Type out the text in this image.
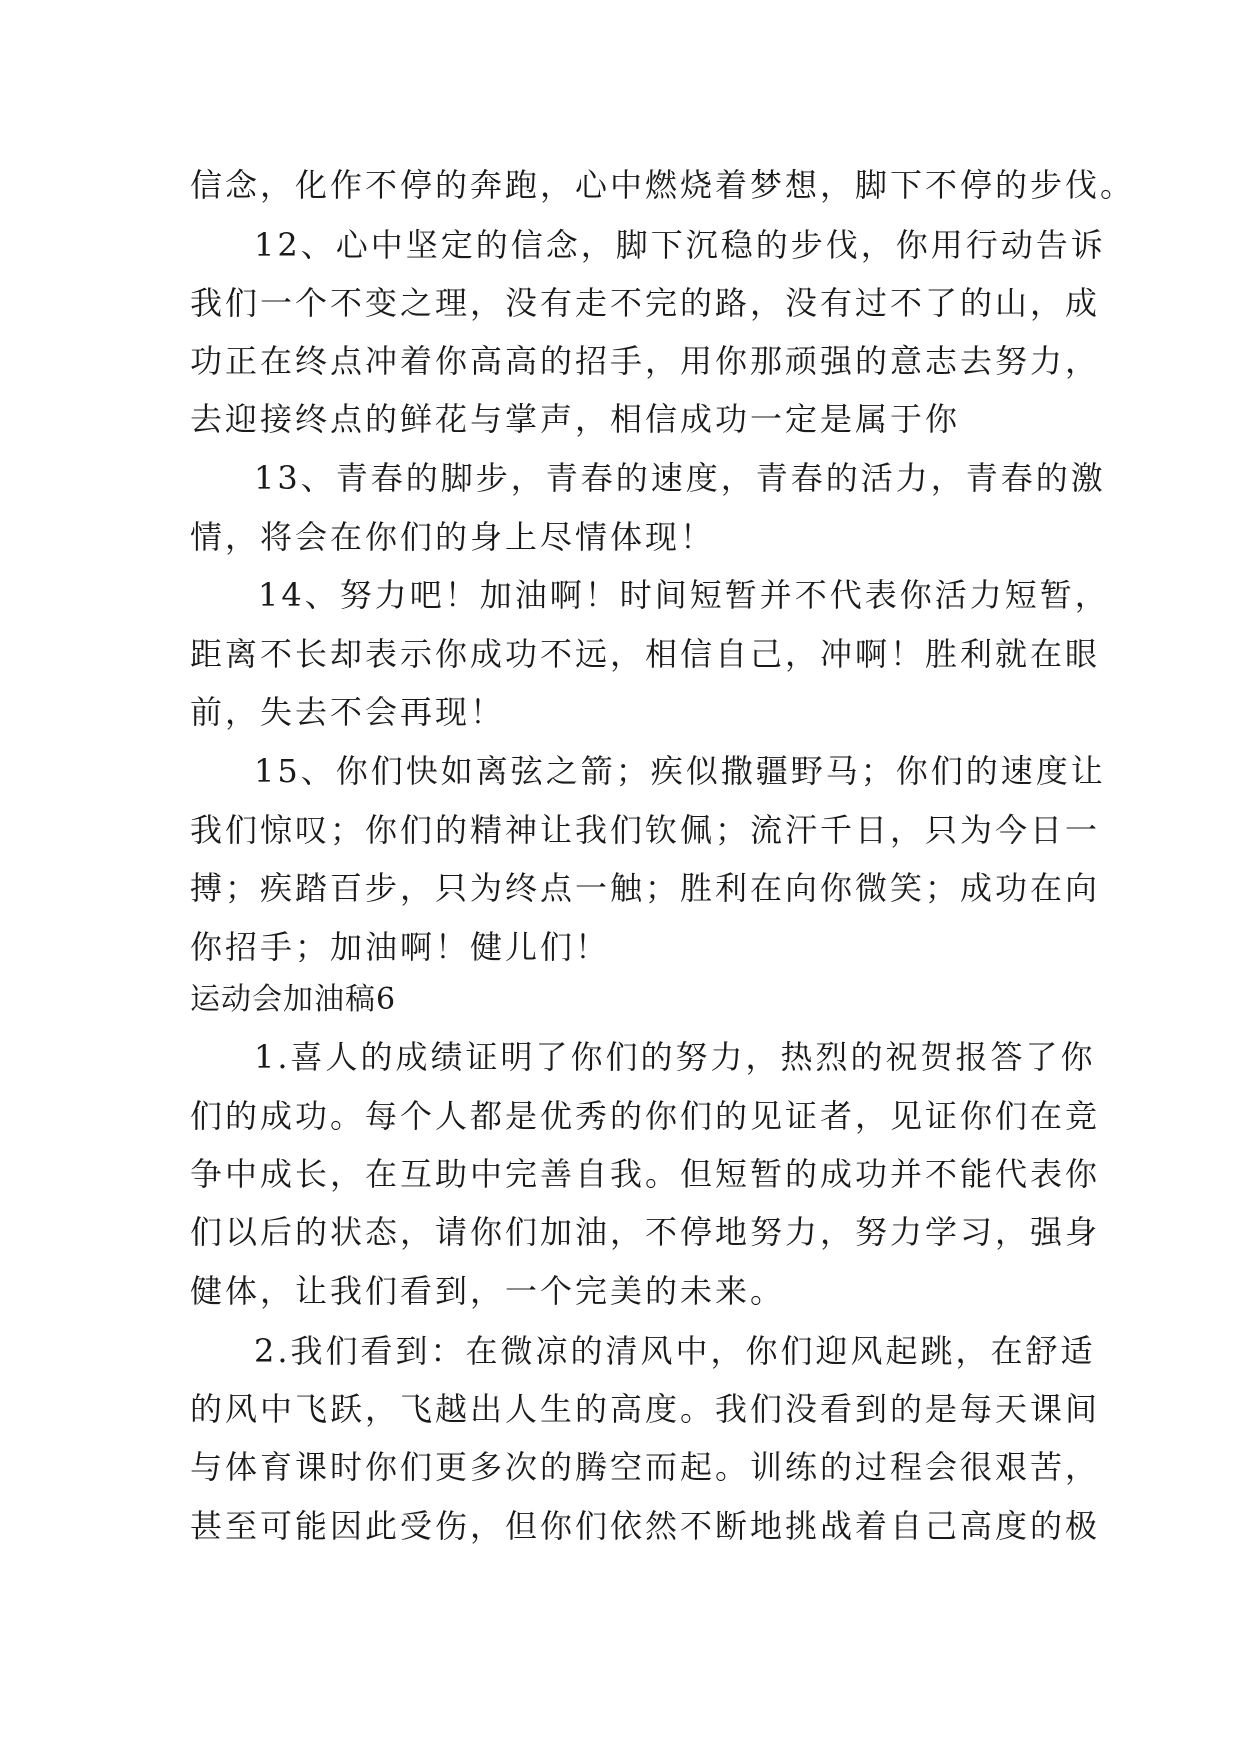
信念，化作不停的奔跑，心中燃烧着梦想，脚下不停的步伐。
12、心中坚定的信念，脚下沉稳的步伐，你用行动告诉
我们一个不变之理，没有走不完的路，没有过不了的山，成
功正在终点冲着你高高的招手，用你那顽强的意志去努力，
去迎接终点的鲜花与掌声，相信成功一定是属于你
13、青春的脚步，青春的速度，青春的活力，青春的激
情，将会在你们的身上尽情体现！
14、努力吧！加油啊！时间短暂并不代表你活力短暂，
距离不长却表示你成功不远，相信自己，冲啊！胜利就在眼
前，失去不会再现！
15、你们快如离弦之箭；疾似撒疆野马；你们的速度让
我们惊叹；你们的精神让我们钦佩；流汗千日，只为今日一
搏；疾踏百步，只为终点一触；胜利在向你微笑；成功在向
你招手；加油啊！健儿们！
运动会加油稿6
1.喜人的成绩证明了你们的努力，热烈的祝贺报答了你
们的成功。每个人都是优秀的你们的见证者，见证你们在竞
争中成长，在互助中完善自我。但短暂的成功并不能代表你
们以后的状态，请你们加油，不停地努力，努力学习，强身
健体，让我们看到，一个完美的未来。
2.我们看到：在微凉的清风中，你们迎风起跳，在舒适
的风中飞跃，飞越出人生的高度。我们没看到的是每天课间
与体育课时你们更多次的腾空而起。训练的过程会很艰苦，
甚至可能因此受伤，但你们依然不断地挑战着自己高度的极
